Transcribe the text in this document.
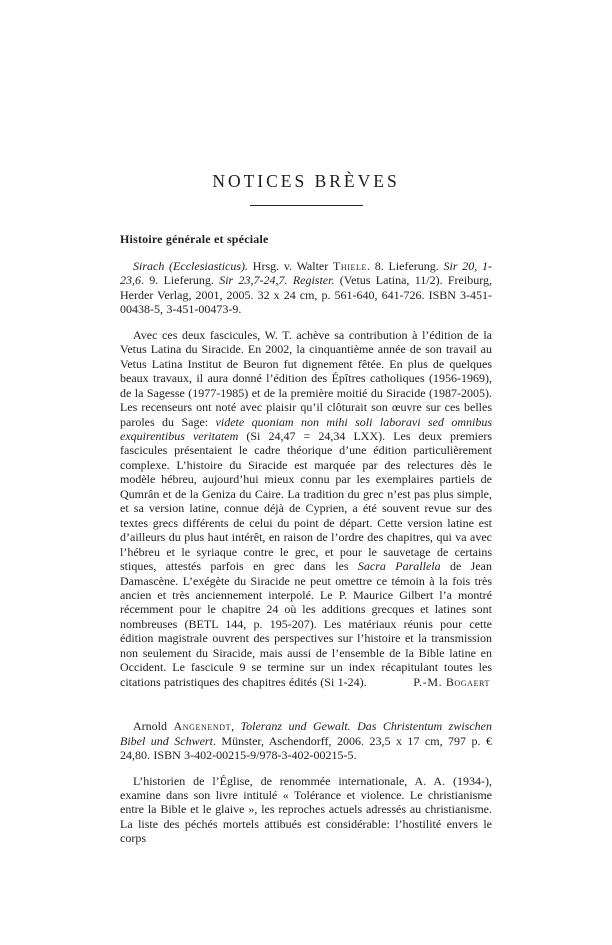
NOTICES BRÈVES
Histoire générale et spéciale

Sirach (Ecclesiasticus). Hrsg. v. Walter Thiele. 8. Lieferung. Sir 20, 1-23,6. 9. Lieferung. Sir 23,7-24,7. Register. (Vetus Latina, 11/2). Freiburg, Herder Verlag, 2001, 2005. 32 x 24 cm, p. 561-640, 641-726. ISBN 3-451-00438-5, 3-451-00473-9.

Avec ces deux fascicules, W. T. achève sa contribution à l’édition de la Vetus Latina du Siracide. En 2002, la cinquantième année de son travail au Vetus Latina Institut de Beuron fut dignement fêtée. En plus de quelques beaux travaux, il aura donné l’édition des Épîtres catholiques (1956-1969), de la Sagesse (1977-1985) et de la première moitié du Siracide (1987-2005). Les recenseurs ont noté avec plaisir qu’il clôturait son œuvre sur ces belles paroles du Sage: videte quoniam non mihi soli laboravi sed omnibus exquirentibus veritatem (Si 24,47 = 24,34 LXX). Les deux premiers fascicules présentaient le cadre théorique d’une édition particulièrement complexe. L’histoire du Siracide est marquée par des relectures dès le modèle hébreu, aujourd’hui mieux connu par les exemplaires partiels de Qumrân et de la Geniza du Caire. La tradition du grec n’est pas plus simple, et sa version latine, connue déjà de Cyprien, a été souvent revue sur des textes grecs différents de celui du point de départ. Cette version latine est d’ailleurs du plus haut intérêt, en raison de l’ordre des chapitres, qui va avec l’hébreu et le syriaque contre le grec, et pour le sauvetage de certains stiques, attestés parfois en grec dans les Sacra Parallela de Jean Damascène. L’exégète du Siracide ne peut omettre ce témoin à la fois très ancien et très anciennement interpolé. Le P. Maurice Gilbert l’a montré récemment pour le chapitre 24 où les additions grecques et latines sont nombreuses (BETL 144, p. 195-207). Les matériaux réunis pour cette édition magistrale ouvrent des perspectives sur l’histoire et la transmission non seulement du Siracide, mais aussi de l’ensemble de la Bible latine en Occident. Le fascicule 9 se termine sur un index récapitulant toutes les citations patristiques des chapitres édités (Si 1-24).	P.-M. Bogaert

Arnold Angenendt, Toleranz und Gewalt. Das Christentum zwischen Bibel und Schwert. Münster, Aschendorff, 2006. 23,5 x 17 cm, 797 p. € 24,80. ISBN 3-402-00215-9/978-3-402-00215-5.

L’historien de l’Église, de renommée internationale, A. A. (1934-), examine dans son livre intitulé « Tolérance et violence. Le christianisme entre la Bible et le glaive », les reproches actuels adressés au christianisme. La liste des péchés mortels attibués est considérable: l’hostilité envers le corps
